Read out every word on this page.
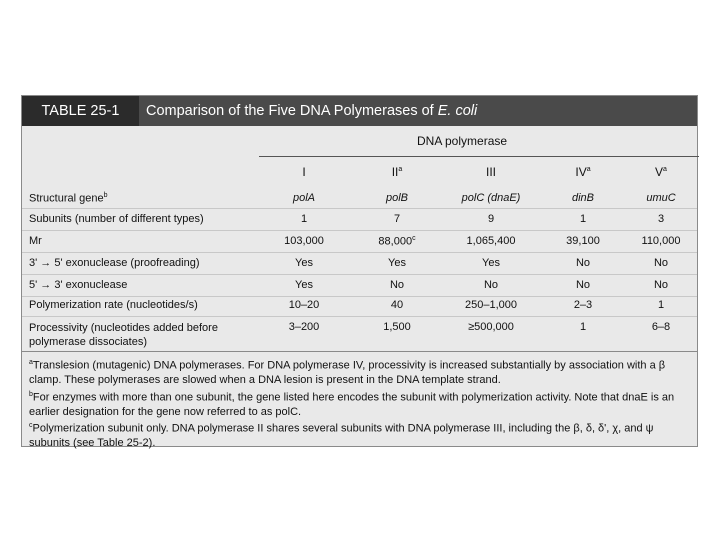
TABLE 25-1	Comparison of the Five DNA Polymerases of
E. coli
DNA polymerase
I	$II^a$	III	$IV^a$	$V^a$
Structural gene$^b$	polA	polB	polC (dnaE)	dinB	umuC
Subunits (number of different types)	1	7	9	1	3
Mr	103,000	88,000$^c$	1,065,400	39,100	110,000
3' → 5' exonuclease (proofreading)	Yes	Yes	Yes	No	No
5' → 3' exonuclease	Yes	No	No	No	No
Polymerization rate (nucleotides/s)	10–20	40	250–1,000	2–3	1
Processivity (nucleotides added before
polymerase dissociates)
3–200	1,500	≥500,000	1	6–8

$^a$Translesion (mutagenic) DNA polymerases. For DNA polymerase IV, processivity is increased substantially by association with a β clamp. These polymerases are slowed when a DNA lesion is present in the DNA template strand.

$^b$For enzymes with more than one subunit, the gene listed here encodes the subunit with polymerization activity. Note that dnaE is an earlier designation for the gene now referred to as polC.

$^c$Polymerization subunit only. DNA polymerase II shares several subunits with DNA polymerase III, including the β, δ, δ', χ, and ψ subunits (see Table 25-2).
